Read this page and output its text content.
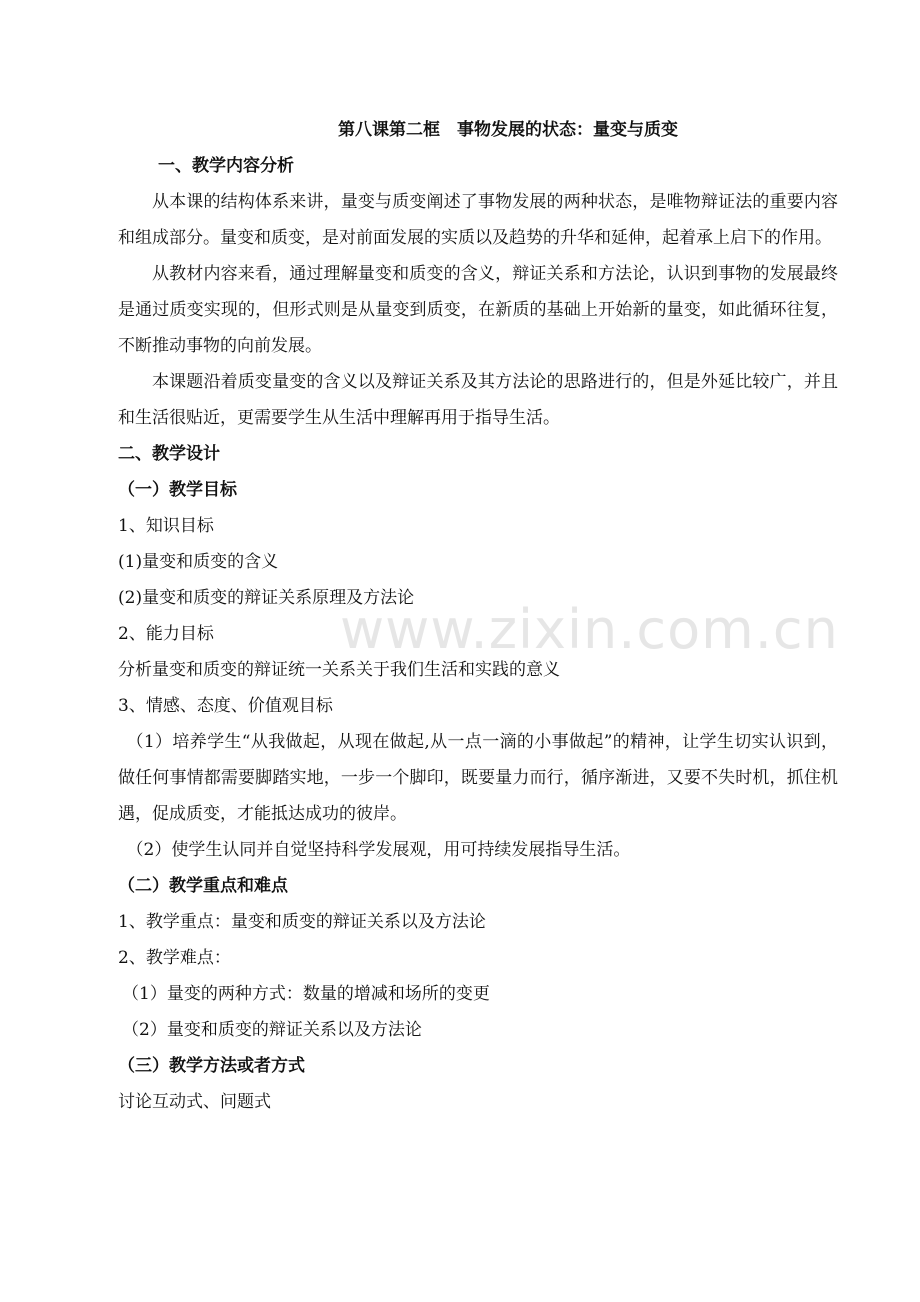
www.zixin.com.cn
第八课第二框　事物发展的状态：量变与质变
一、教学内容分析

从本课的结构体系来讲，量变与质变阐述了事物发展的两种状态，是唯物辩证法的重要内容和组成部分。量变和质变，是对前面发展的实质以及趋势的升华和延伸，起着承上启下的作用。

从教材内容来看，通过理解量变和质变的含义，辩证关系和方法论，认识到事物的发展最终是通过质变实现的，但形式则是从量变到质变，在新质的基础上开始新的量变，如此循环往复，不断推动事物的向前发展。

本课题沿着质变量变的含义以及辩证关系及其方法论的思路进行的，但是外延比较广，并且和生活很贴近，更需要学生从生活中理解再用于指导生活。

二、教学设计
（一）教学目标
1、知识目标
(1)量变和质变的含义
(2)量变和质变的辩证关系原理及方法论
2、能力目标
分析量变和质变的辩证统一关系关于我们生活和实践的意义
3、情感、态度、价值观目标

（1）培养学生“从我做起，从现在做起,从一点一滴的小事做起”的精神，让学生切实认识到，做任何事情都需要脚踏实地，一步一个脚印，既要量力而行，循序渐进，又要不失时机，抓住机遇，促成质变，才能抵达成功的彼岸。

（2）使学生认同并自觉坚持科学发展观，用可持续发展指导生活。

（二）教学重点和难点
1、教学重点：量变和质变的辩证关系以及方法论
2、教学难点：
（1）量变的两种方式：数量的增减和场所的变更
（2）量变和质变的辩证关系以及方法论
（三）教学方法或者方式
讨论互动式、问题式
